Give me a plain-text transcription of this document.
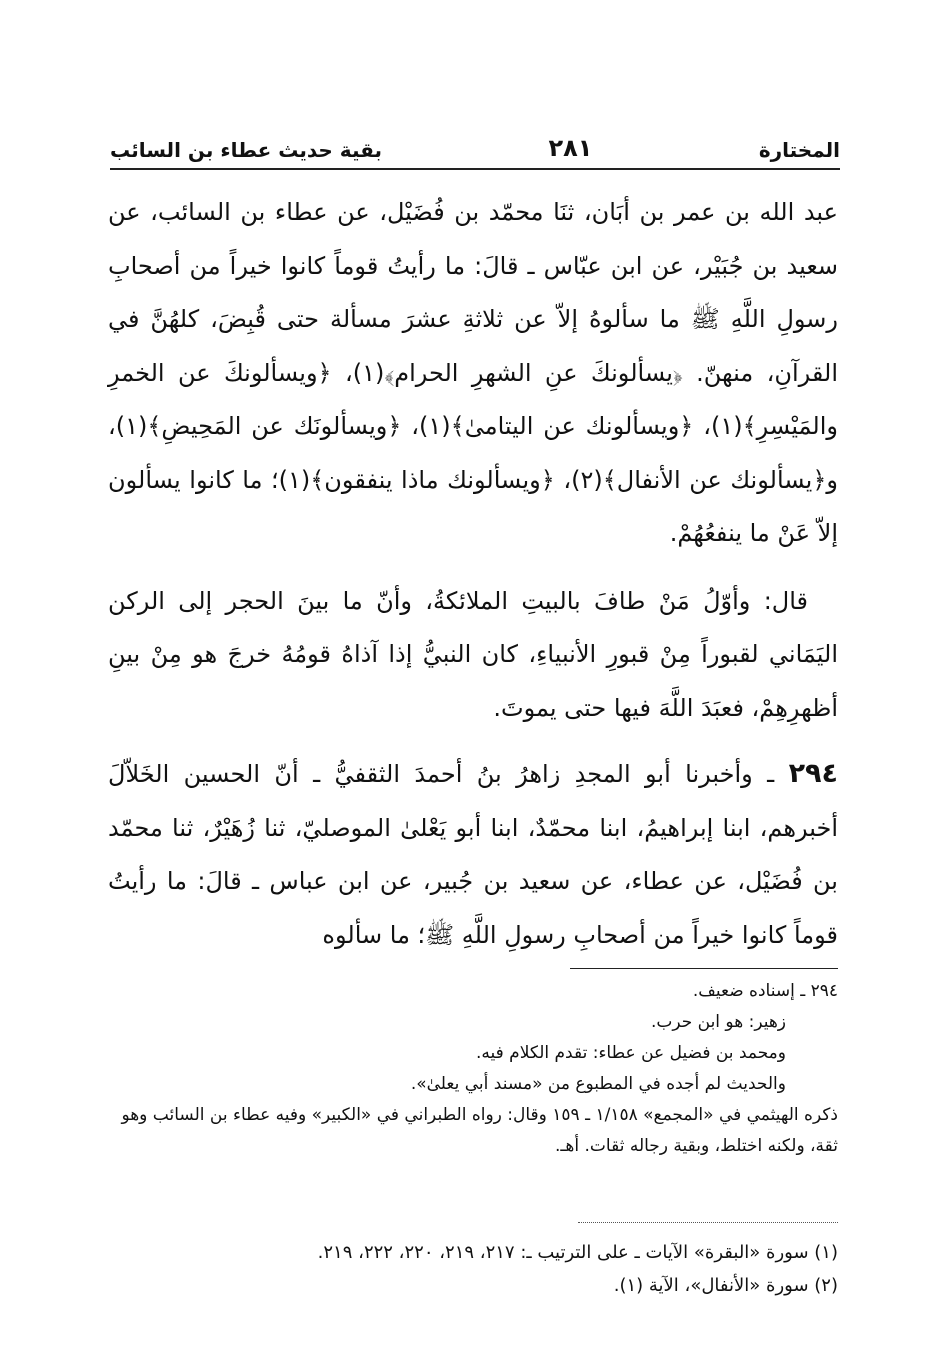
المختارة
٢٨١
بقية حديث عطاء بن السائب

عبد الله بن عمر بن أبَان، ثنَا محمّد بن فُضَيْل، عن عطاء بن السائب، عن سعيد بن جُبَيْر، عن ابن عبّاس ـ قالَ: ما رأيتُ قوماً كانوا خيراً من أصحابِ رسولِ اللَّهِ ﷺ ما سألوهُ إلاّ عن ثلاثةِ عشرَ مسألة حتى قُبِضَ، كلهُنَّ في القرآنِ، منهنّ. ﴿يسألونكَ عنِ الشهرِ الحرام﴾(١)، ﴿ويسألونكَ عن الخمرِ والمَيْسِرِ﴾(١)، ﴿ويسألونك عن اليتامىٰ﴾(١)، ﴿ويسألونَك عن المَحِيضِ﴾(١)، و﴿يسألونك عن الأنفال﴾(٢)، ﴿ويسألونك ماذا ينفقون﴾(١)؛ ما كانوا يسألون إلاّ عَنْ ما ينفعُهُمْ.

قال: وأوّلُ مَنْ طافَ بالبيتِ الملائكةُ، وأنّ ما بينَ الحجر إلى الركن اليَمَاني لقبوراً مِنْ قبورِ الأنبياءِ، كان النبيُّ إذا آذاهُ قومُهُ خرجَ هو مِنْ بينِ أظهرِهِمْ، فعبَدَ اللَّهَ فيها حتى يموتَ.

٢٩٤ ـ وأخبرنا أبو المجدِ زاهرُ بنُ أحمدَ الثقفيُّ ـ أنّ الحسين الخَلاّلَ أخبرهم، ابنا إبراهيمُ، ابنا محمّدٌ، ابنا أبو يَعْلىٰ الموصليّ، ثنا زُهَيْرٌ، ثنا محمّد بن فُضَيْل، عن عطاء، عن سعيد بن جُبير، عن ابن عباس ـ قالَ: ما رأيتُ قوماً كانوا خيراً من أصحابِ رسولِ اللَّهِ ﷺ؛ ما سألوه

٢٩٤ ـ إسناده ضعيف.
زهير: هو ابن حرب.
ومحمد بن فضيل عن عطاء: تقدم الكلام فيه.
والحديث لم أجده في المطبوع من «مسند أبي يعلىٰ».
ذكره الهيثمي في «المجمع» ١/١٥٨ ـ ١٥٩ وقال: رواه الطبراني في «الكبير» وفيه عطاء بن السائب وهو ثقة، ولكنه اختلط، وبقية رجاله ثقات. أهـ.
(١) سورة «البقرة» الآيات ـ على الترتيب ـ: ٢١٧، ٢١٩، ٢٢٠، ٢٢٢، ٢١٩.
(٢) سورة «الأنفال»، الآية (١).
